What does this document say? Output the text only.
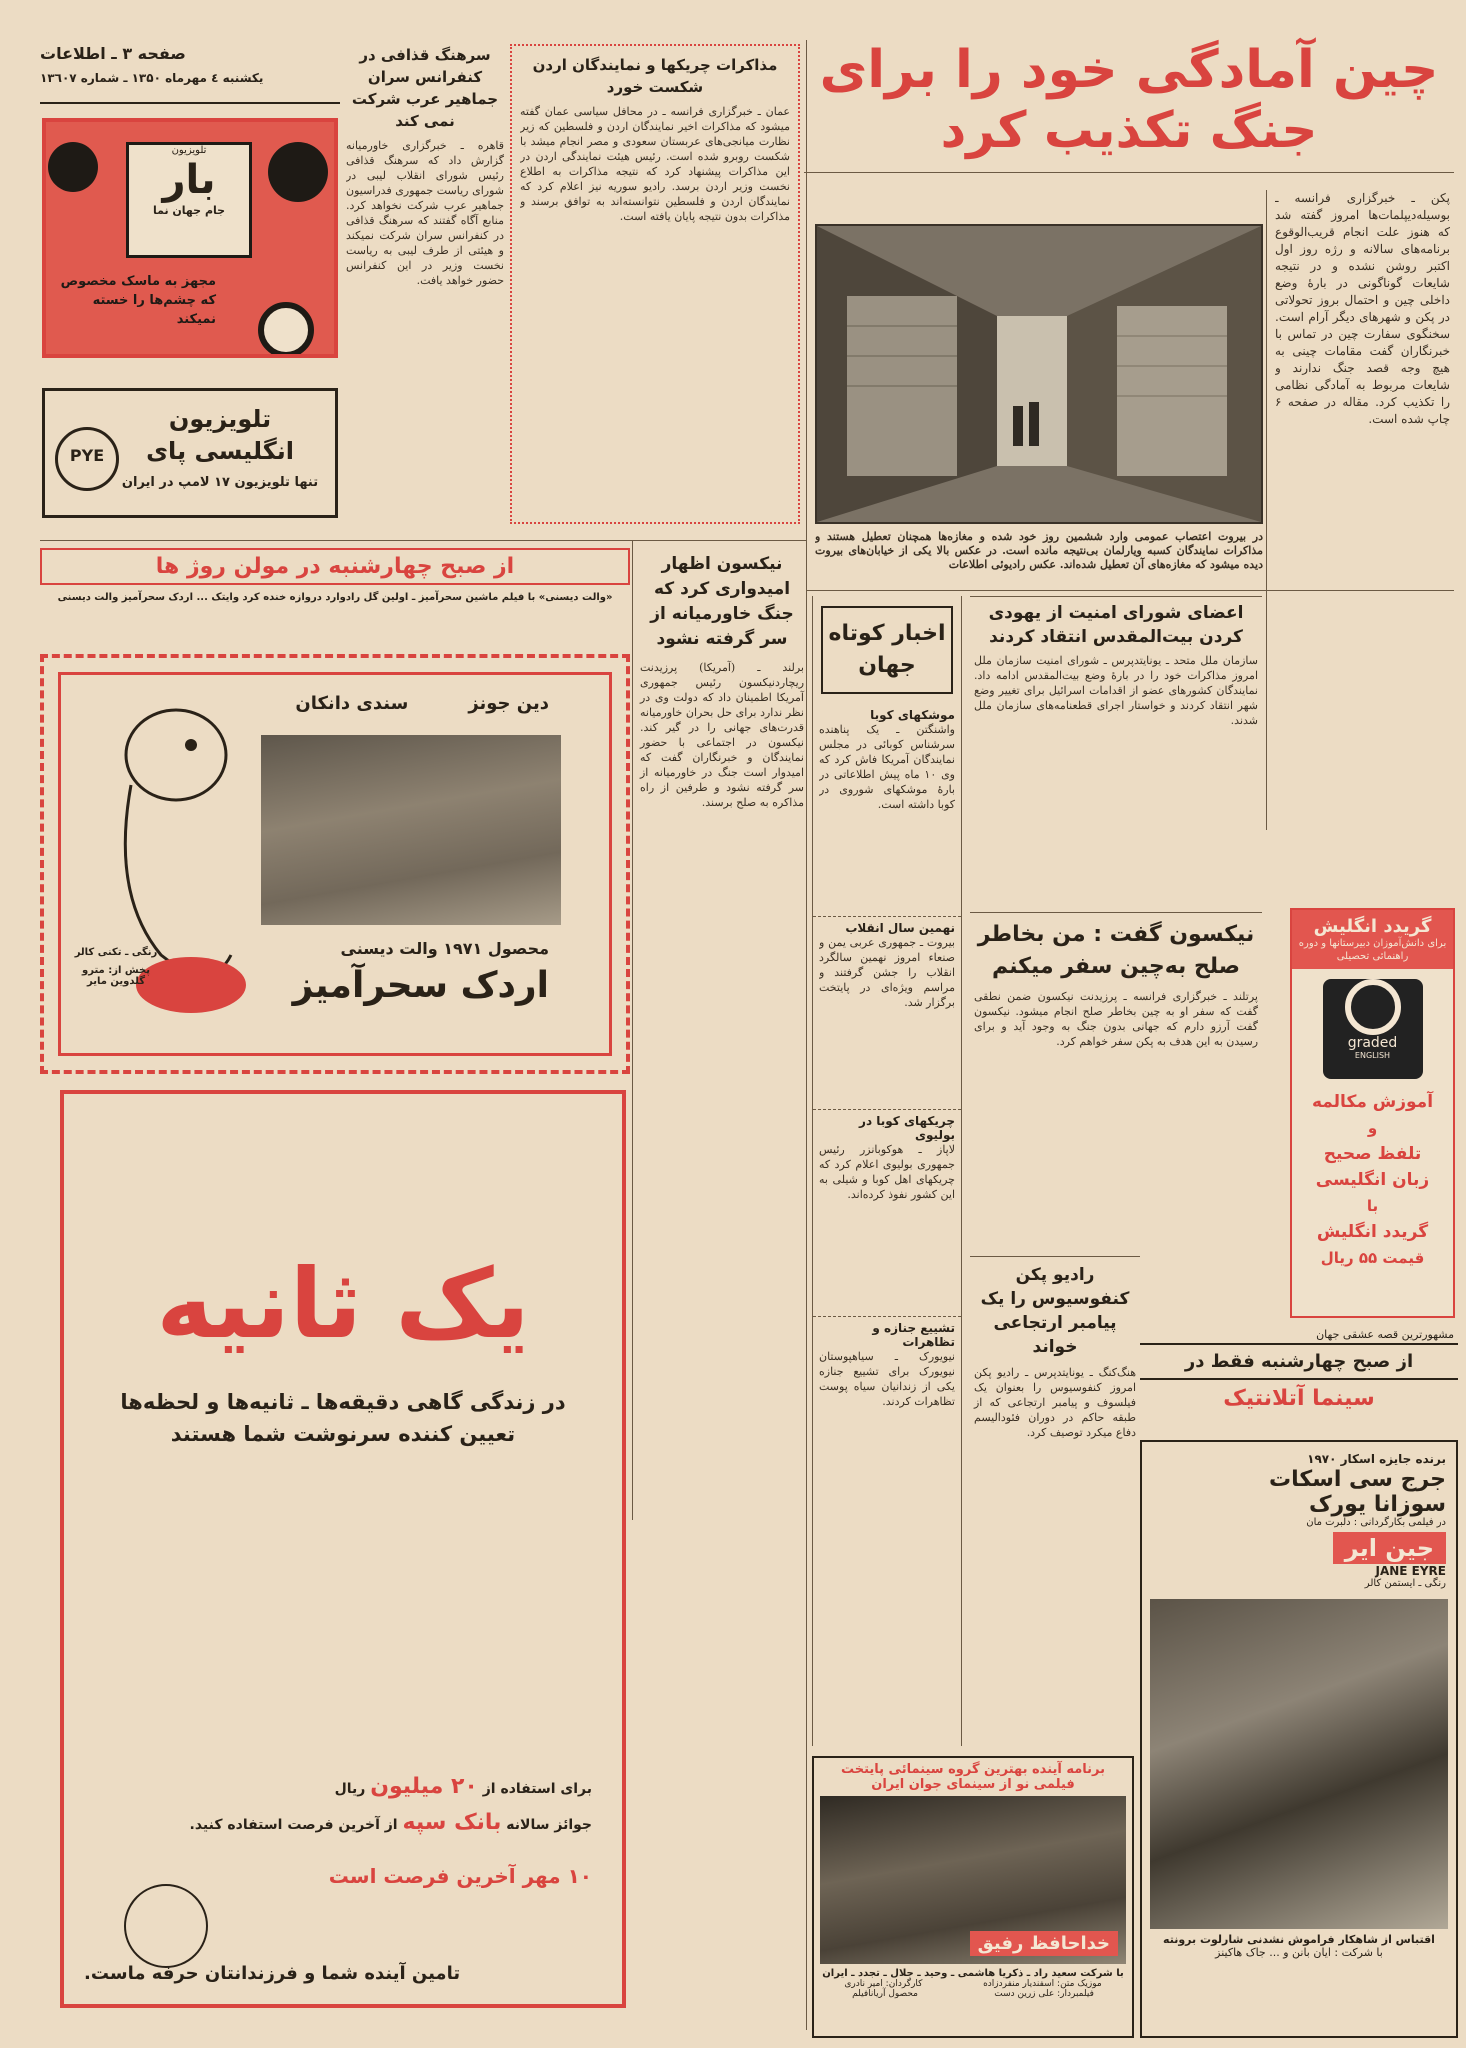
چین آمادگی خود را برای
جنگ تکذیب کرد

پکن ـ خبرگزاری فرانسه ـ بوسیله‌دیپلمات‌ها امروز گفته شد که هنوز علت انجام قریب‌الوقوع برنامه‌های سالانه و رژه روز اول اکتبر روشن نشده و در نتیجه شایعات گوناگونی در بارهٔ وضع داخلی چین و احتمال بروز تحولاتی در پکن و شهرهای دیگر آرام است. سخنگوی سفارت چین در تماس با خبرنگاران گفت مقامات چینی به هیچ وجه قصد جنگ ندارند و شایعات مربوط به آمادگی نظامی را تکذیب کرد. مقاله در صفحه ۶ چاپ شده است.

در بیروت اعتصاب عمومی وارد ششمین روز خود شده و مغازه‌ها همچنان تعطیل هستند و مذاکرات نمایندگان کسبه ویارلمان بی‌نتیجه مانده است. در عکس بالا یکی از خیابان‌های بیروت دیده میشود که مغازه‌های آن تعطیل شده‌اند. عکس رادیوئی اطلاعات
اعضای شورای امنیت از یهودی کردن بیت‌المقدس انتقاد کردند
سازمان ملل متحد ـ یونایتدپرس ـ شورای امنیت سازمان ملل امروز مذاکرات خود را در بارهٔ وضع بیت‌المقدس ادامه داد. نمایندگان کشورهای عضو از اقدامات اسرائیل برای تغییر وضع شهر انتقاد کردند و خواستار اجرای قطعنامه‌های سازمان ملل شدند.
نیکسون گفت : من بخاطر
صلح به‌چین سفر میکنم
پرتلند ـ خبرگزاری فرانسه ـ پرزیدنت نیکسون ضمن نطقی گفت که سفر او به چین بخاطر صلح انجام میشود. نیکسون گفت آرزو دارم که جهانی بدون جنگ به وجود آید و برای رسیدن به این هدف به پکن سفر خواهم کرد.
رادیو پکن کنفوسیوس را یک پیامبر ارتجاعی خواند
هنگ‌کنگ ـ یونایتدپرس ـ رادیو پکن امروز کنفوسیوس را بعنوان یک فیلسوف و پیامبر ارتجاعی که از طبقه حاکم در دوران فئودالیسم دفاع میکرد توصیف کرد.
گریدد انگلیش
برای دانش‌آموزان دبیرستانها و دوره راهنمائی تحصیلی
graded
ENGLISH
آموزش مکالمه
و
تلفظ صحیح
زبان انگلیسی
با
گریدد انگلیش
قیمت ۵۵ ریال
مشهورترین قصه عشقی جهان
از صبح چهارشنبه فقط در
سینما آتلانتیک
برنده جایزه اسکار ۱۹۷۰
جرج سی اسکات
سوزانا یورک
در فیلمی بکارگردانی : دلبرت مان
جین ایر
JANE EYRE
رنگی ـ ایستمن کالر
اقتباس از شاهکار فراموش نشدنی شارلوت برونته
با شرکت : ایان بانن و ... جاک هاکینز
مذاکرات چریکها و نمایندگان اردن شکست خورد
عمان ـ خبرگزاری فرانسه ـ در محافل سیاسی عمان گفته میشود که مذاکرات اخیر نمایندگان اردن و فلسطین که زیر نظارت میانجی‌های عربستان سعودی و مصر انجام میشد با شکست روبرو شده است. رئیس هیئت نمایندگی اردن در این مذاکرات پیشنهاد کرد که نتیجه مذاکرات به اطلاع نخست وزیر اردن برسد. رادیو سوریه نیز اعلام کرد که نمایندگان اردن و فلسطین نتوانسته‌اند به توافق برسند و مذاکرات بدون نتیجه پایان یافته است.
سرهنگ قذافی در کنفرانس سران جماهیر عرب شرکت نمی کند
قاهره ـ خبرگزاری خاورمیانه گزارش داد که سرهنگ قذافی رئیس شورای انقلاب لیبی در شورای ریاست جمهوری فدراسیون جماهیر عرب شرکت نخواهد کرد. منابع آگاه گفتند که سرهنگ قذافی در کنفرانس سران شرکت نمیکند و هیئتی از طرف لیبی به ریاست نخست وزیر در این کنفرانس حضور خواهد یافت.
اخبار کوتاه جهان
موشکهای کوبا
واشنگتن ـ یک پناهنده سرشناس کوبائی در مجلس نمایندگان آمریکا فاش کرد که وی ۱۰ ماه پیش اطلاعاتی در بارهٔ موشکهای شوروی در کوبا داشته است.
نهمین سال انقلاب
بیروت ـ جمهوری عربی یمن و صنعاء امروز نهمین سالگرد انقلاب را جشن گرفتند و مراسم ویژه‌ای در پایتخت برگزار شد.
چریکهای کوبا در بولیوی
لاپاز ـ هوکوبانزر رئیس جمهوری بولیوی اعلام کرد که چریکهای اهل کوبا و شیلی به این کشور نفوذ کرده‌اند.
تشییع جنازه و تظاهرات
نیویورک ـ سیاهپوستان نیویورک برای تشییع جنازه یکی از زندانیان سیاه پوست تظاهرات کردند.
نیکسون اظهار امیدواری کرد که جنگ خاورمیانه از سر گرفته نشود
برلند ـ (آمریکا) پرزیدنت ریچاردنیکسون رئیس جمهوری آمریکا اطمینان داد که دولت وی در نظر ندارد برای حل بحران خاورمیانه قدرت‌های جهانی را در گیر کند. نیکسون در اجتماعی با حضور نمایندگان و خبرنگاران گفت که امیدوار است جنگ در خاورمیانه از سر گرفته نشود و طرفین از راه مذاکره به صلح برسند.
برنامه آینده بهترین گروه سینمائی پایتخت
فیلمی نو از سینمای جوان ایران
خداحافظ رفیق
با شرکت سعید راد ـ ذکریا هاشمی ـ وحید ـ جلال ـ تجدد ـ ایران
موزیک متن: اسفندیار منفردزاده
کارگردان: امیر نادری
فیلمبردار: علی زرین دست
محصول آریانافیلم
صفحه ۳ ـ اطلاعات
یکشنبه ٤ مهرماه ۱۳۵۰ ـ شماره ۱۳٦۰۷
تلویزیون
بار
جام جهان نما
مجهز به ماسک مخصوص که چشم‌ها را خسته نمیکند
PYE
تلویزیون انگلیسی پای
تنها تلویزیون ۱۷ لامپ در ایران
از صبح چهارشنبه در مولن روژ ها
«والت دیسنی» با فیلم ماشین سحرآمیز ـ اولین گل رادوارد دروازه خنده کرد وایتک ... اردک سحرآمیز والت دیسنی
دین جونز
سندی دانکان
محصول ۱۹۷۱ والت دیسنی
اردک سحرآمیز
رنگی ـ تکنی کالر
پخش از: مترو گلدوین مایر
یک ثانیه
در زندگی گاهی دقیقه‌ها ـ ثانیه‌ها و لحظه‌ها
تعیین کننده سرنوشت شما هستند
برای استفاده از ۲۰ میلیون ریال
جوائز سالانه بانک سپه از آخرین فرصت استفاده کنید.
۱۰ مهر آخرین فرصت است
تامین آینده شما و فرزندانتان حرفه ماست.
